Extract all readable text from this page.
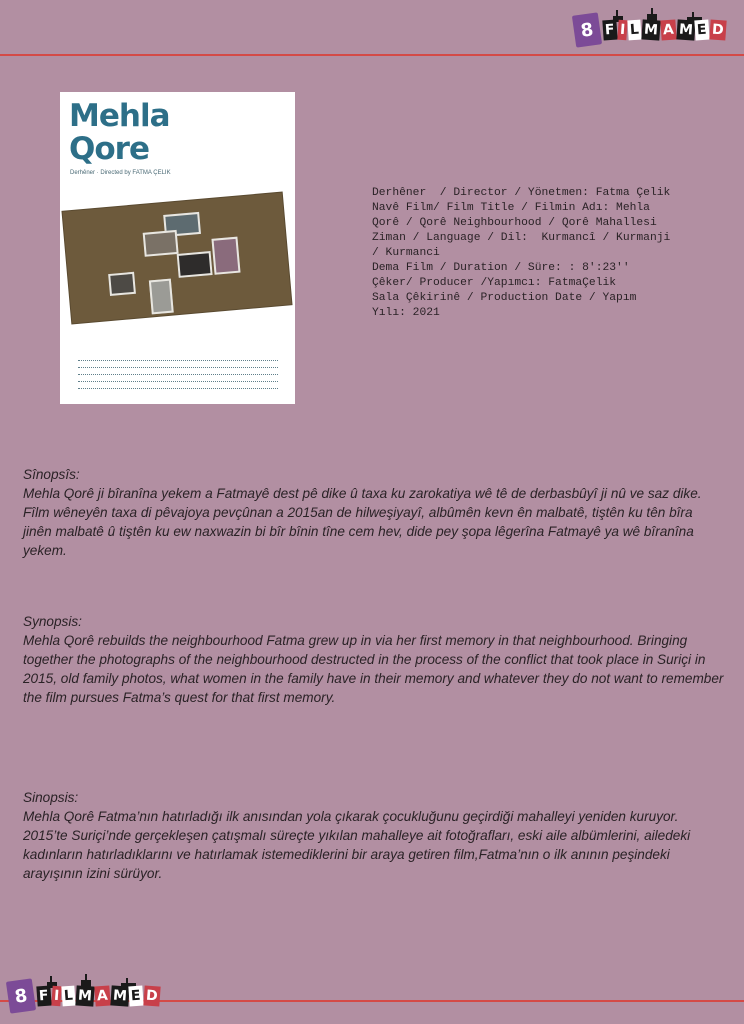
8 F I L M A M E D
8 F I L M A M E D
Mehla
Qore
Derhêner · Directed by FATMA ÇELIK
Derhêner  / Director / Yönetmen: Fatma Çelik
Navê Film/ Film Title / Filmin Adı: Mehla
Qorê / Qorê Neighbourhood / Qorê Mahallesi
Ziman / Language / Dil:  Kurmancî / Kurmanji
/ Kurmanci
Dema Film / Duration / Süre: : 8':23''
Çêker/ Producer /Yapımcı: FatmaÇelik
Sala Çêkirinê / Production Date / Yapım
Yılı: 2021
Sînopsîs:
Mehla Qorê ji bîranîna yekem a Fatmayê dest pê dike û taxa ku zarokatiya wê tê de derbasbûyî ji nû ve saz dike. Fîlm wêneyên taxa di pêvajoya pevçûnan a 2015an de hilweşiyayî, albûmên kevn ên malbatê, tiştên ku tên bîra jinên malbatê û tiştên ku ew naxwazin bi bîr bînin tîne cem hev, dide pey şopa lêgerîna Fatmayê ya wê bîranîna yekem.
Synopsis:
Mehla Qorê rebuilds the neighbourhood Fatma grew up in via her first memory in that neighbourhood. Bringing together the photographs of the neighbourhood destructed in the process of the conflict that took place in Suriçi in 2015, old family photos, what women in the family have in their memory and whatever they do not want to remember the film pursues Fatma’s quest for that first memory.
Sinopsis:
Mehla Qorê Fatma’nın hatırladığı ilk anısından yola çıkarak çocukluğunu geçirdiği mahalleyi yeniden kuruyor. 2015’te Suriçi’nde gerçekleşen çatışmalı süreçte yıkılan mahalleye ait fotoğrafları, eski aile albümlerini, ailedeki kadınların hatırladıklarını ve hatırlamak istemediklerini bir araya getiren film,Fatma’nın o ilk anının peşindeki arayışının izini sürüyor.
